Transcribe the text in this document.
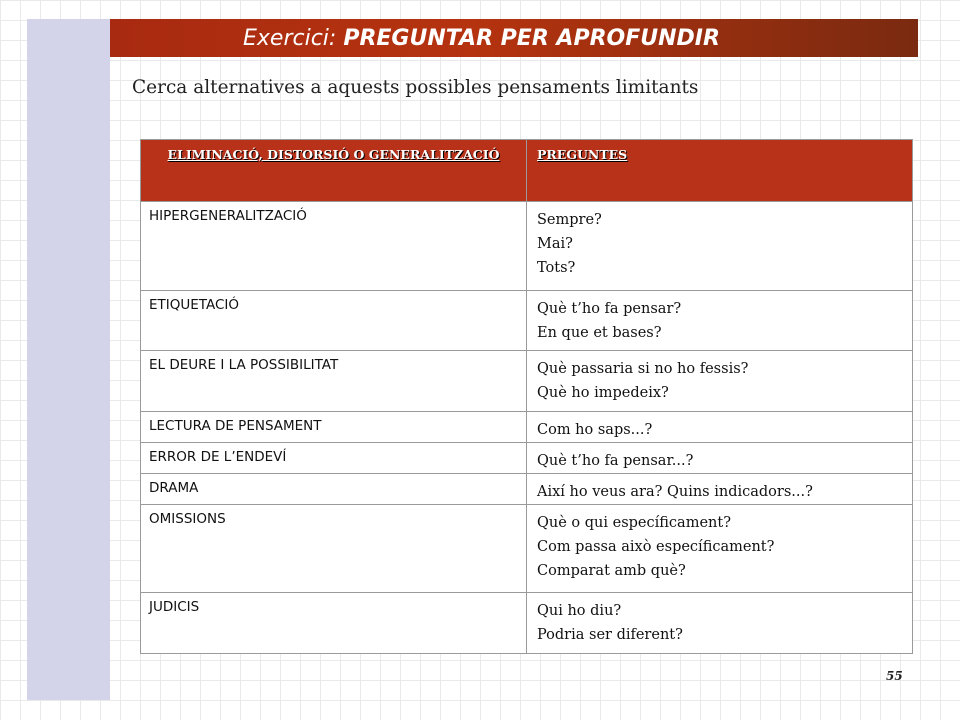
Exercici: PREGUNTAR PER APROFUNDIR
Cerca alternatives a aquests possibles pensaments limitants
ELIMINACIÓ, DISTORSIÓ O GENERALITZACIÓ	PREGUNTES
HIPERGENERALITZACIÓ	Sempre?
Mai?
Tots?

ETIQUETACIÓ	Què t’ho fa pensar?
En que et bases?

EL DEURE I LA POSSIBILITAT	Què passaria si no ho fessis?
Què ho impedeix?

LECTURA DE PENSAMENT	Com ho saps...?

ERROR DE L’ENDEVÍ	Què t’ho fa pensar...?

DRAMA	Així ho veus ara? Quins indicadors...?

OMISSIONS	Què o qui específicament?
Com passa això específicament?
Comparat amb què?

JUDICIS	Qui ho diu?
Podria ser diferent?
55
